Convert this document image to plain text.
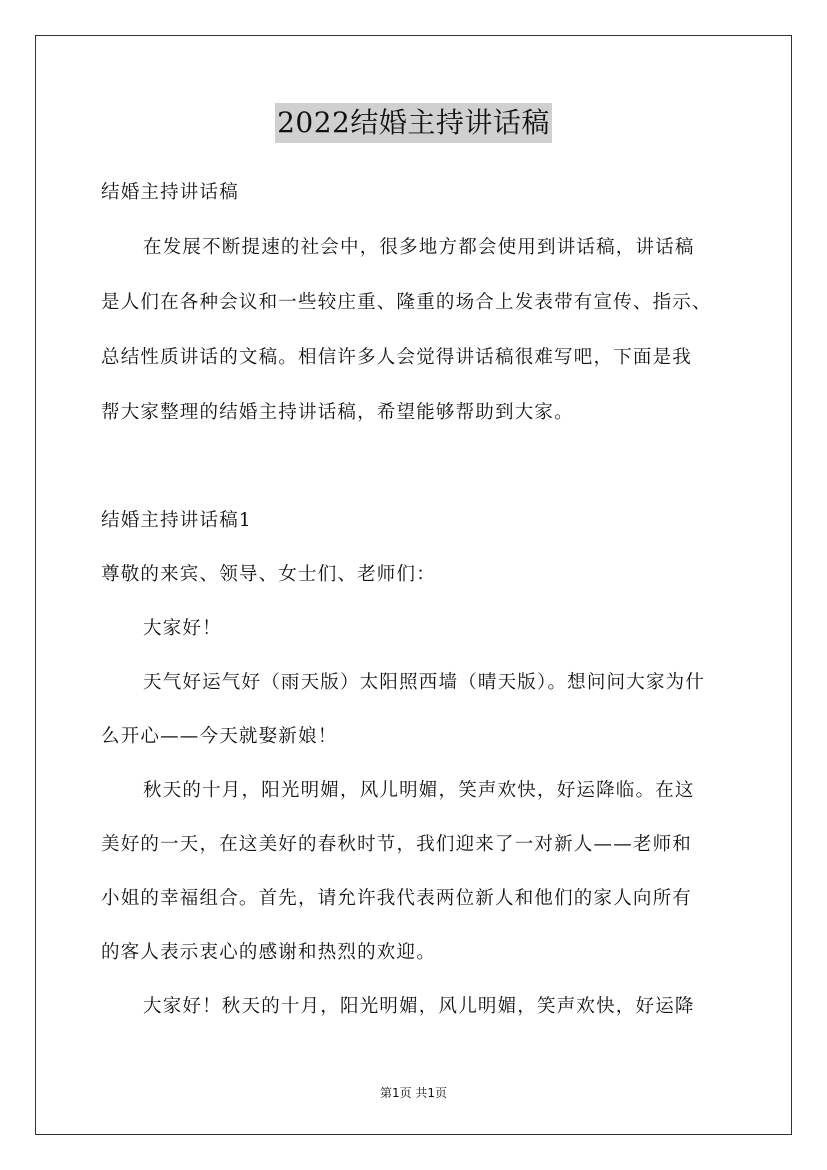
2022结婚主持讲话稿
结婚主持讲话稿
在发展不断提速的社会中，很多地方都会使用到讲话稿，讲话稿
是人们在各种会议和一些较庄重、隆重的场合上发表带有宣传、指示、
总结性质讲话的文稿。相信许多人会觉得讲话稿很难写吧，下面是我
帮大家整理的结婚主持讲话稿，希望能够帮助到大家。
结婚主持讲话稿1
尊敬的来宾、领导、女士们、老师们：
大家好！
天气好运气好（雨天版）太阳照西墙（晴天版）。想问问大家为什
么开心——今天就娶新娘！
秋天的十月，阳光明媚，风儿明媚，笑声欢快，好运降临。在这
美好的一天，在这美好的春秋时节，我们迎来了一对新人——老师和
小姐的幸福组合。首先，请允许我代表两位新人和他们的家人向所有
的客人表示衷心的感谢和热烈的欢迎。
大家好！秋天的十月，阳光明媚，风儿明媚，笑声欢快，好运降
第1页 共1页
